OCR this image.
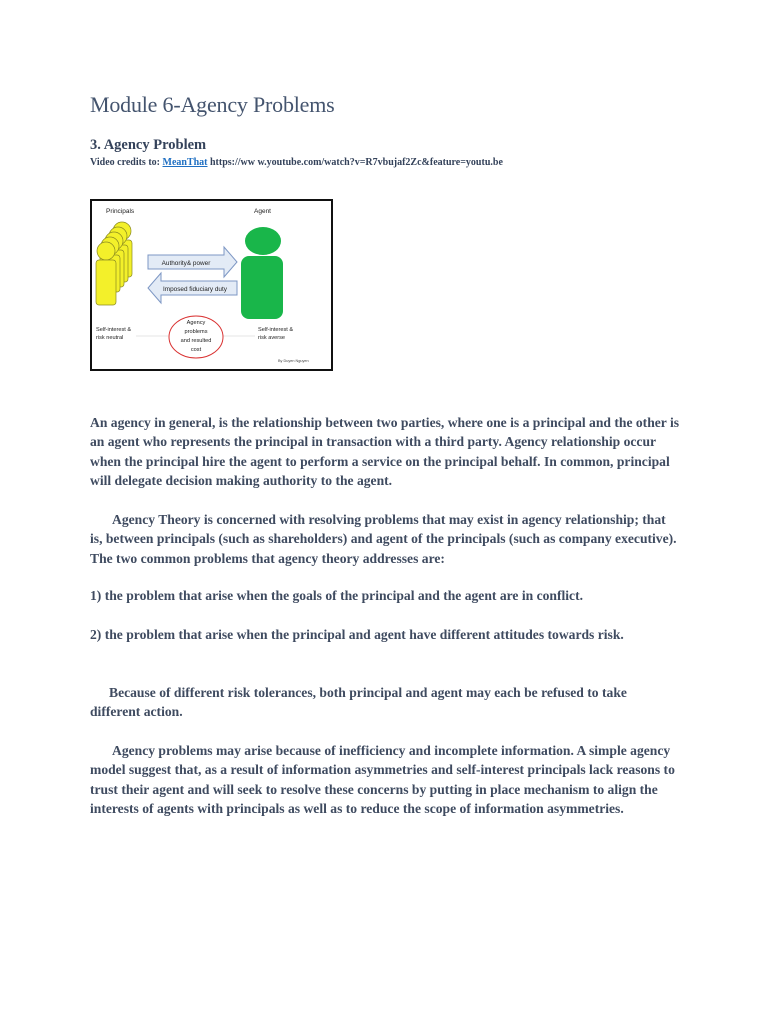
Module 6-Agency Problems
3. Agency Problem
Video credits to: MeanThat https://ww w.youtube.com/watch?v=R7vbujaf2Zc&feature=youtu.be
Principals	Agent
Authority& power
Imposed fiduciary duty
Self-interest &
risk neutral
Self-interest &
risk averse
Agency
problems
and resulted
cost
By Duyen Nguyen

An agency in general, is the relationship between two parties, where one is a principal and the other is an agent who represents the principal in transaction with a third party. Agency relationship occur when the principal hire the agent to perform a service on the principal behalf. In common, principal will delegate decision making authority to the agent.

Agency Theory is concerned with resolving problems that may exist in agency relationship; that is, between principals (such as shareholders) and agent of the principals (such as company executive). The two common problems that agency theory addresses are:

1) the problem that arise when the goals of the principal and the agent are in conflict.

2) the problem that arise when the principal and agent have different attitudes towards risk.

Because of different risk tolerances, both principal and agent may each be refused to take different action.

Agency problems may arise because of inefficiency and incomplete information. A simple agency model suggest that, as a result of information asymmetries and self-interest principals lack reasons to trust their agent and will seek to resolve these concerns by putting in place mechanism to align the interests of agents with principals as well as to reduce the scope of information asymmetries.
